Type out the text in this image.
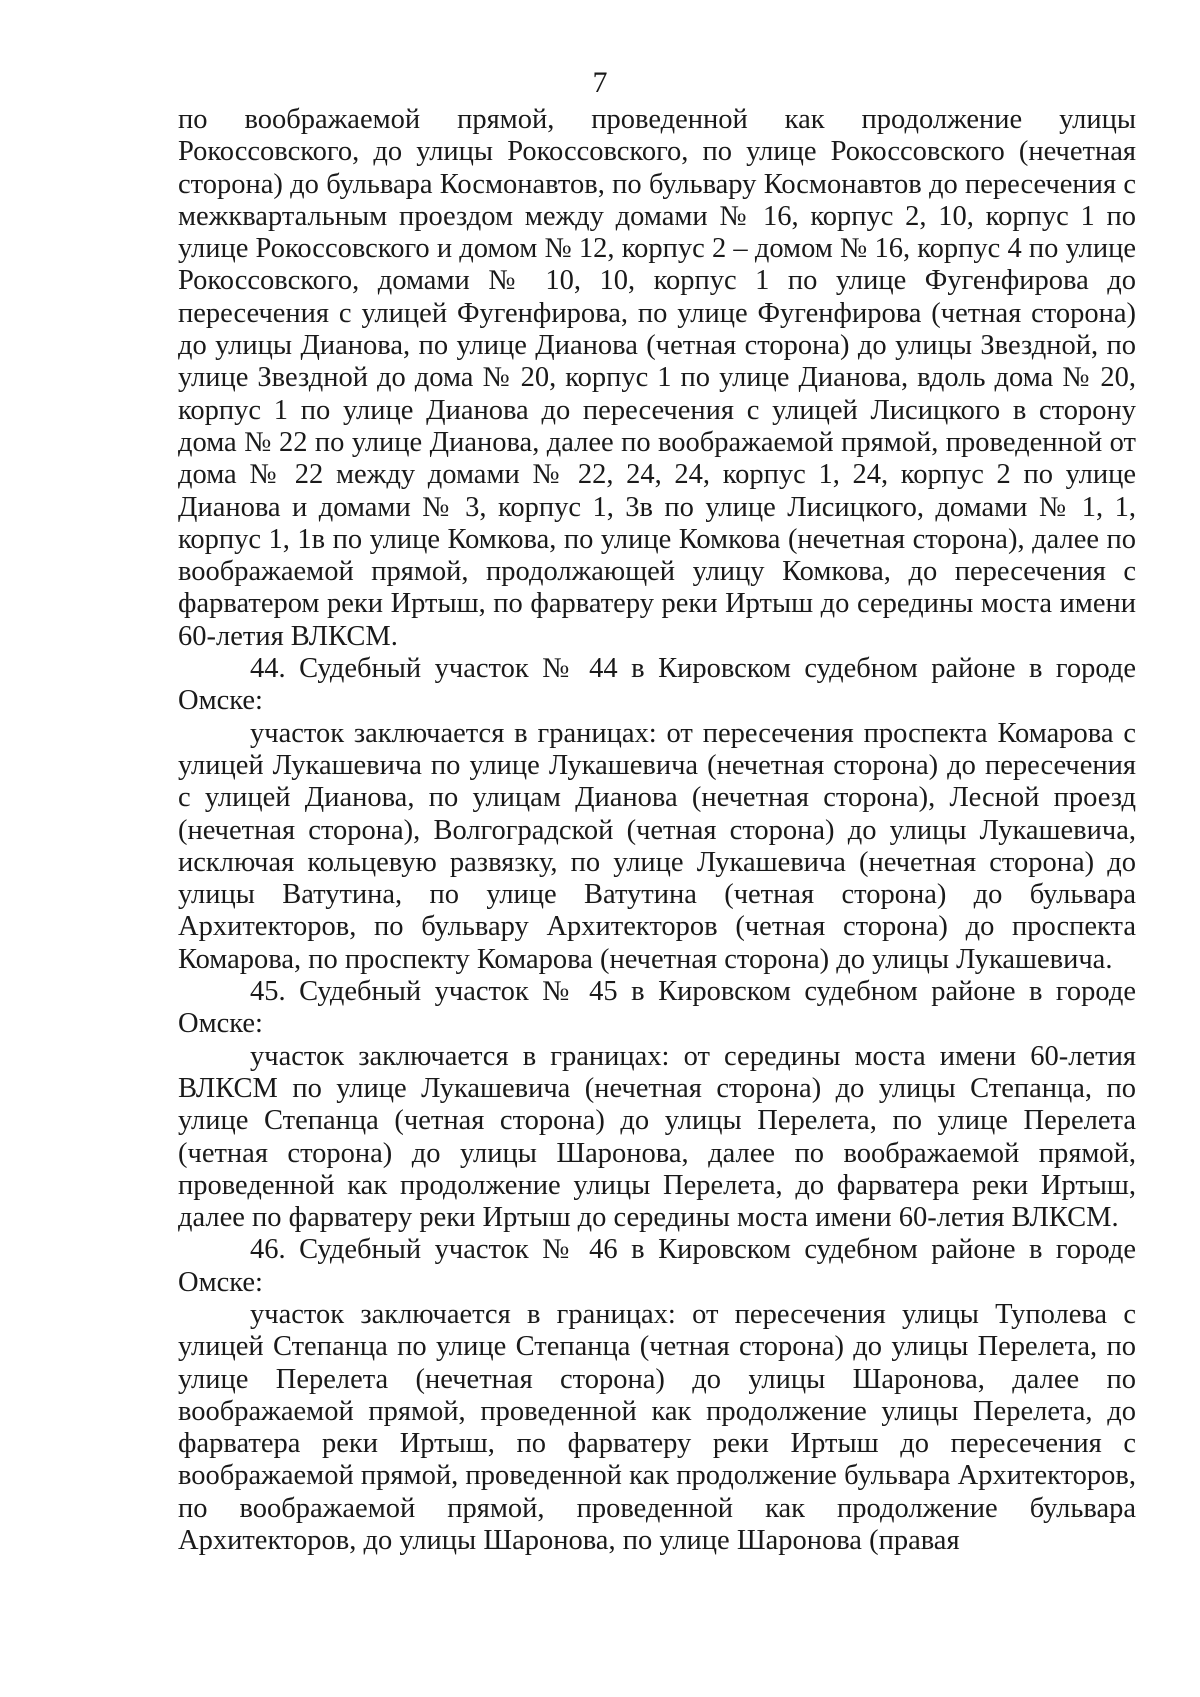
7

по воображаемой прямой, проведенной как продолжение улицы Рокоссовского, до улицы Рокоссовского, по улице Рокоссовского (нечетная сторона) до бульвара Космонавтов, по бульвару Космонавтов до пересечения с межквартальным проездом между домами № 16, корпус 2, 10, корпус 1 по улице Рокоссовского и домом № 12, корпус 2 – домом № 16, корпус 4 по улице Рокоссовского, домами № 10, 10, корпус 1 по улице Фугенфирова до пересечения с улицей Фугенфирова, по улице Фугенфирова (четная сторона) до улицы Дианова, по улице Дианова (четная сторона) до улицы Звездной, по улице Звездной до дома № 20, корпус 1 по улице Дианова, вдоль дома № 20, корпус 1 по улице Дианова до пересечения с улицей Лисицкого в сторону дома № 22 по улице Дианова, далее по воображаемой прямой, проведенной от дома № 22 между домами № 22, 24, 24, корпус 1, 24, корпус 2 по улице Дианова и домами № 3, корпус 1, 3в по улице Лисицкого, домами № 1, 1, корпус 1, 1в по улице Комкова, по улице Комкова (нечетная сторона), далее по воображаемой прямой, продолжающей улицу Комкова, до пересечения с фарватером реки Иртыш, по фарватеру реки Иртыш до середины моста имени 60-летия ВЛКСМ.

44. Судебный участок № 44 в Кировском судебном районе в городе Омске:

участок заключается в границах: от пересечения проспекта Комарова с улицей Лукашевича по улице Лукашевича (нечетная сторона) до пересечения с улицей Дианова, по улицам Дианова (нечетная сторона), Лесной проезд (нечетная сторона), Волгоградской (четная сторона) до улицы Лукашевича, исключая кольцевую развязку, по улице Лукашевича (нечетная сторона) до улицы Ватутина, по улице Ватутина (четная сторона) до бульвара Архитекторов, по бульвару Архитекторов (четная сторона) до проспекта Комарова, по проспекту Комарова (нечетная сторона) до улицы Лукашевича.

45. Судебный участок № 45 в Кировском судебном районе в городе Омске:

участок заключается в границах: от середины моста имени 60-летия ВЛКСМ по улице Лукашевича (нечетная сторона) до улицы Степанца, по улице Степанца (четная сторона) до улицы Перелета, по улице Перелета (четная сторона) до улицы Шаронова, далее по воображаемой прямой, проведенной как продолжение улицы Перелета, до фарватера реки Иртыш, далее по фарватеру реки Иртыш до середины моста имени 60-летия ВЛКСМ.

46. Судебный участок № 46 в Кировском судебном районе в городе Омске:

участок заключается в границах: от пересечения улицы Туполева с улицей Степанца по улице Степанца (четная сторона) до улицы Перелета, по улице Перелета (нечетная сторона) до улицы Шаронова, далее по воображаемой прямой, проведенной как продолжение улицы Перелета, до фарватера реки Иртыш, по фарватеру реки Иртыш до пересечения с воображаемой прямой, проведенной как продолжение бульвара Архитекторов, по воображаемой прямой, проведенной как продолжение бульвара Архитекторов, до улицы Шаронова, по улице Шаронова (правая
